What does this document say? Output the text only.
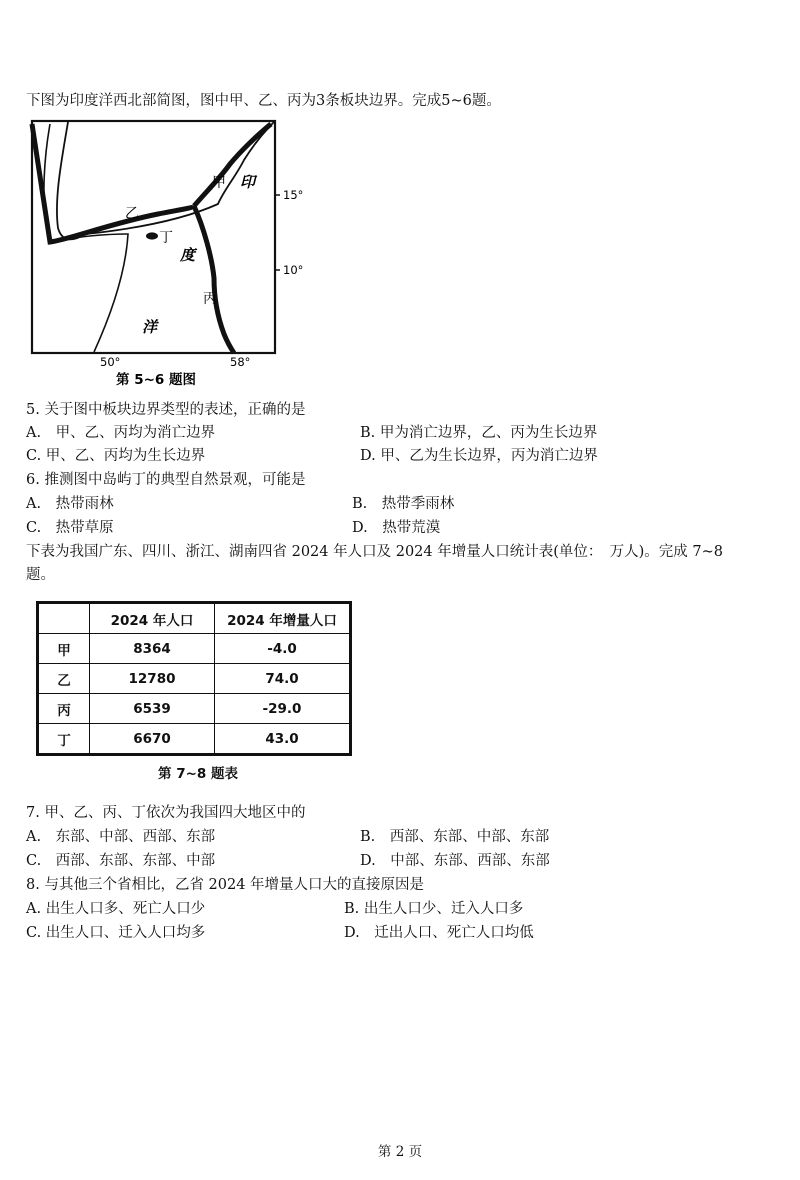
下图为印度洋西北部简图，图中甲、乙、丙为3条板块边界。完成5~6题。
甲
乙
丁
丙
印
度
洋
15°
10°
50°	58°
第 5~6 题图
5. 关于图中板块边界类型的表述，正确的是
A.　甲、乙、丙均为消亡边界	B. 甲为消亡边界，乙、丙为生长边界
C. 甲、乙、丙均为生长边界	D. 甲、乙为生长边界，丙为消亡边界
6. 推测图中岛屿丁的典型自然景观，可能是
A.　热带雨林	B.　热带季雨林
C.　热带草原	D.　热带荒漠
下表为我国广东、四川、浙江、湖南四省 2024 年人口及 2024 年增量人口统计表(单位：　万人)。完成 7~8
题。
	2024 年人口	2024 年增量人口
甲	8364	-4.0
乙	12780	74.0
丙	6539	-29.0
丁	6670	43.0
第 7~8 题表
7. 甲、乙、丙、丁依次为我国四大地区中的
A.　东部、中部、西部、东部	B.　西部、东部、中部、东部
C.　西部、东部、东部、中部	D.　中部、东部、西部、东部
8. 与其他三个省相比，乙省 2024 年增量人口大的直接原因是
A. 出生人口多、死亡人口少	B. 出生人口少、迁入人口多
C. 出生人口、迁入人口均多	D.　迁出人口、死亡人口均低
第 2 页
